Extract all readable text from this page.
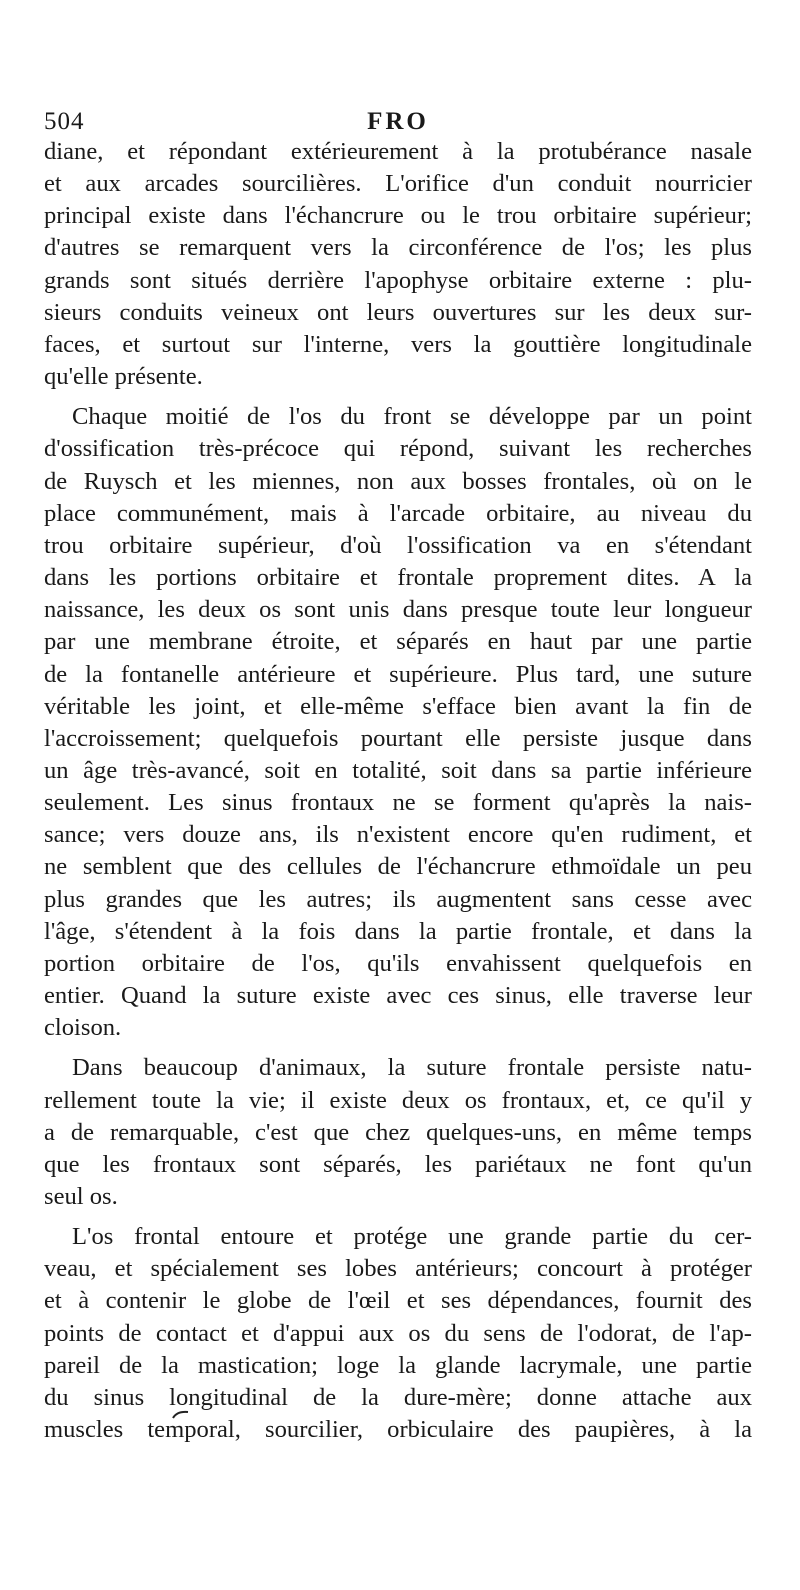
504	FRO

diane, et répondant extérieurement à la protubérance nasale
et aux arcades sourcilières. L'orifice d'un conduit nourricier
principal existe dans l'échancrure ou le trou orbitaire supérieur;
d'autres se remarquent vers la circonférence de l'os; les plus
grands sont situés derrière l'apophyse orbitaire externe : plu-
sieurs conduits veineux ont leurs ouvertures sur les deux sur-
faces, et surtout sur l'interne, vers la gouttière longitudinale
qu'elle présente.

Chaque moitié de l'os du front se développe par un point
d'ossification très-précoce qui répond, suivant les recherches
de Ruysch et les miennes, non aux bosses frontales, où on le
place communément, mais à l'arcade orbitaire, au niveau du
trou orbitaire supérieur, d'où l'ossification va en s'étendant
dans les portions orbitaire et frontale proprement dites. A la
naissance, les deux os sont unis dans presque toute leur longueur
par une membrane étroite, et séparés en haut par une partie
de la fontanelle antérieure et supérieure. Plus tard, une suture
véritable les joint, et elle-même s'efface bien avant la fin de
l'accroissement; quelquefois pourtant elle persiste jusque dans
un âge très-avancé, soit en totalité, soit dans sa partie inférieure
seulement. Les sinus frontaux ne se forment qu'après la nais-
sance; vers douze ans, ils n'existent encore qu'en rudiment, et
ne semblent que des cellules de l'échancrure ethmoïdale un peu
plus grandes que les autres; ils augmentent sans cesse avec
l'âge, s'étendent à la fois dans la partie frontale, et dans la
portion orbitaire de l'os, qu'ils envahissent quelquefois en
entier. Quand la suture existe avec ces sinus, elle traverse leur
cloison.

Dans beaucoup d'animaux, la suture frontale persiste natu-
rellement toute la vie; il existe deux os frontaux, et, ce qu'il y
a de remarquable, c'est que chez quelques-uns, en même temps
que les frontaux sont séparés, les pariétaux ne font qu'un
seul os.

L'os frontal entoure et protége une grande partie du cer-
veau, et spécialement ses lobes antérieurs; concourt à protéger
et à contenir le globe de l'œil et ses dépendances, fournit des
points de contact et d'appui aux os du sens de l'odorat, de l'ap-
pareil de la mastication; loge la glande lacrymale, une partie
du sinus longitudinal de la dure-mère; donne attache aux
muscles temporal, sourcilier, orbiculaire des paupières, à la
